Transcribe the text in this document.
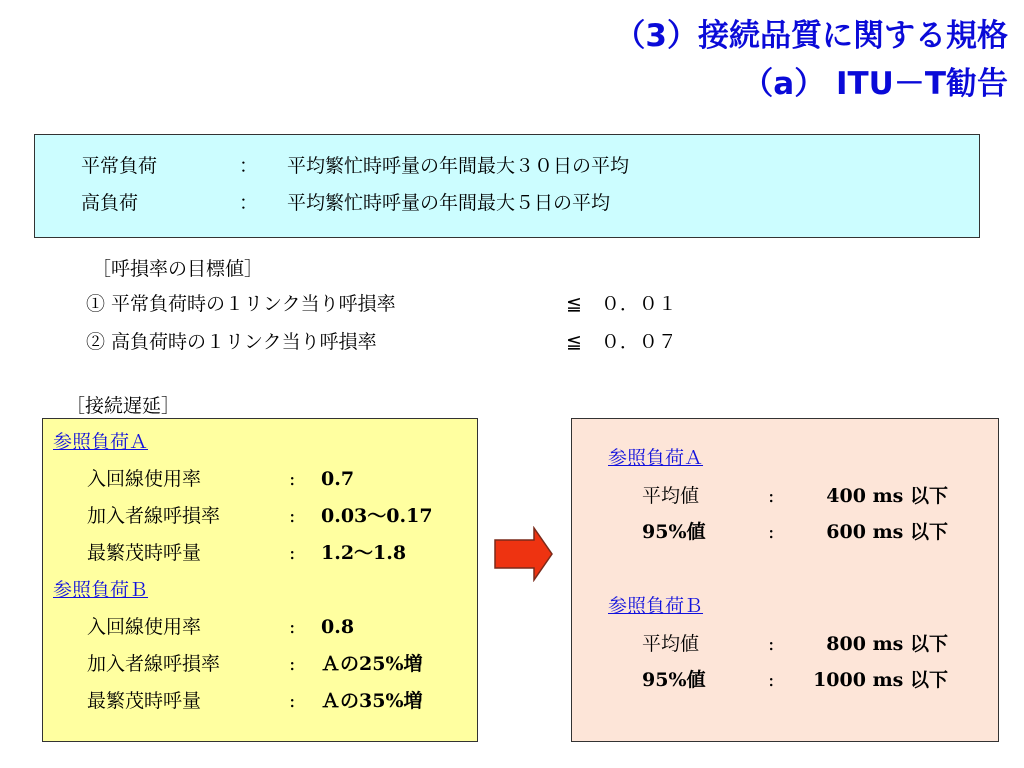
（3）接続品質に関する規格
（a） ITU－T勧告
平常負荷	： 平均繁忙時呼量の年間最大３０日の平均
高負荷	： 平均繁忙時呼量の年間最大５日の平均
［呼損率の目標値］
① 平常負荷時の１リンク当り呼損率	≦　０．０１
② 高負荷時の１リンク当り呼損率	≦　０．０７
［接続遅延］
参照負荷Ａ
入回線使用率	: 0.7
加入者線呼損率	: 0.03～0.17
最繁茂時呼量	: 1.2～1.8
参照負荷Ｂ
入回線使用率	: 0.8
加入者線呼損率	: Ａの25%増
最繁茂時呼量	: Ａの35%増
参照負荷Ａ
平均値	:	400 ms 以下
95%値	:	600 ms 以下
参照負荷Ｂ
平均値	:	800 ms 以下
95%値	: 1000 ms 以下
